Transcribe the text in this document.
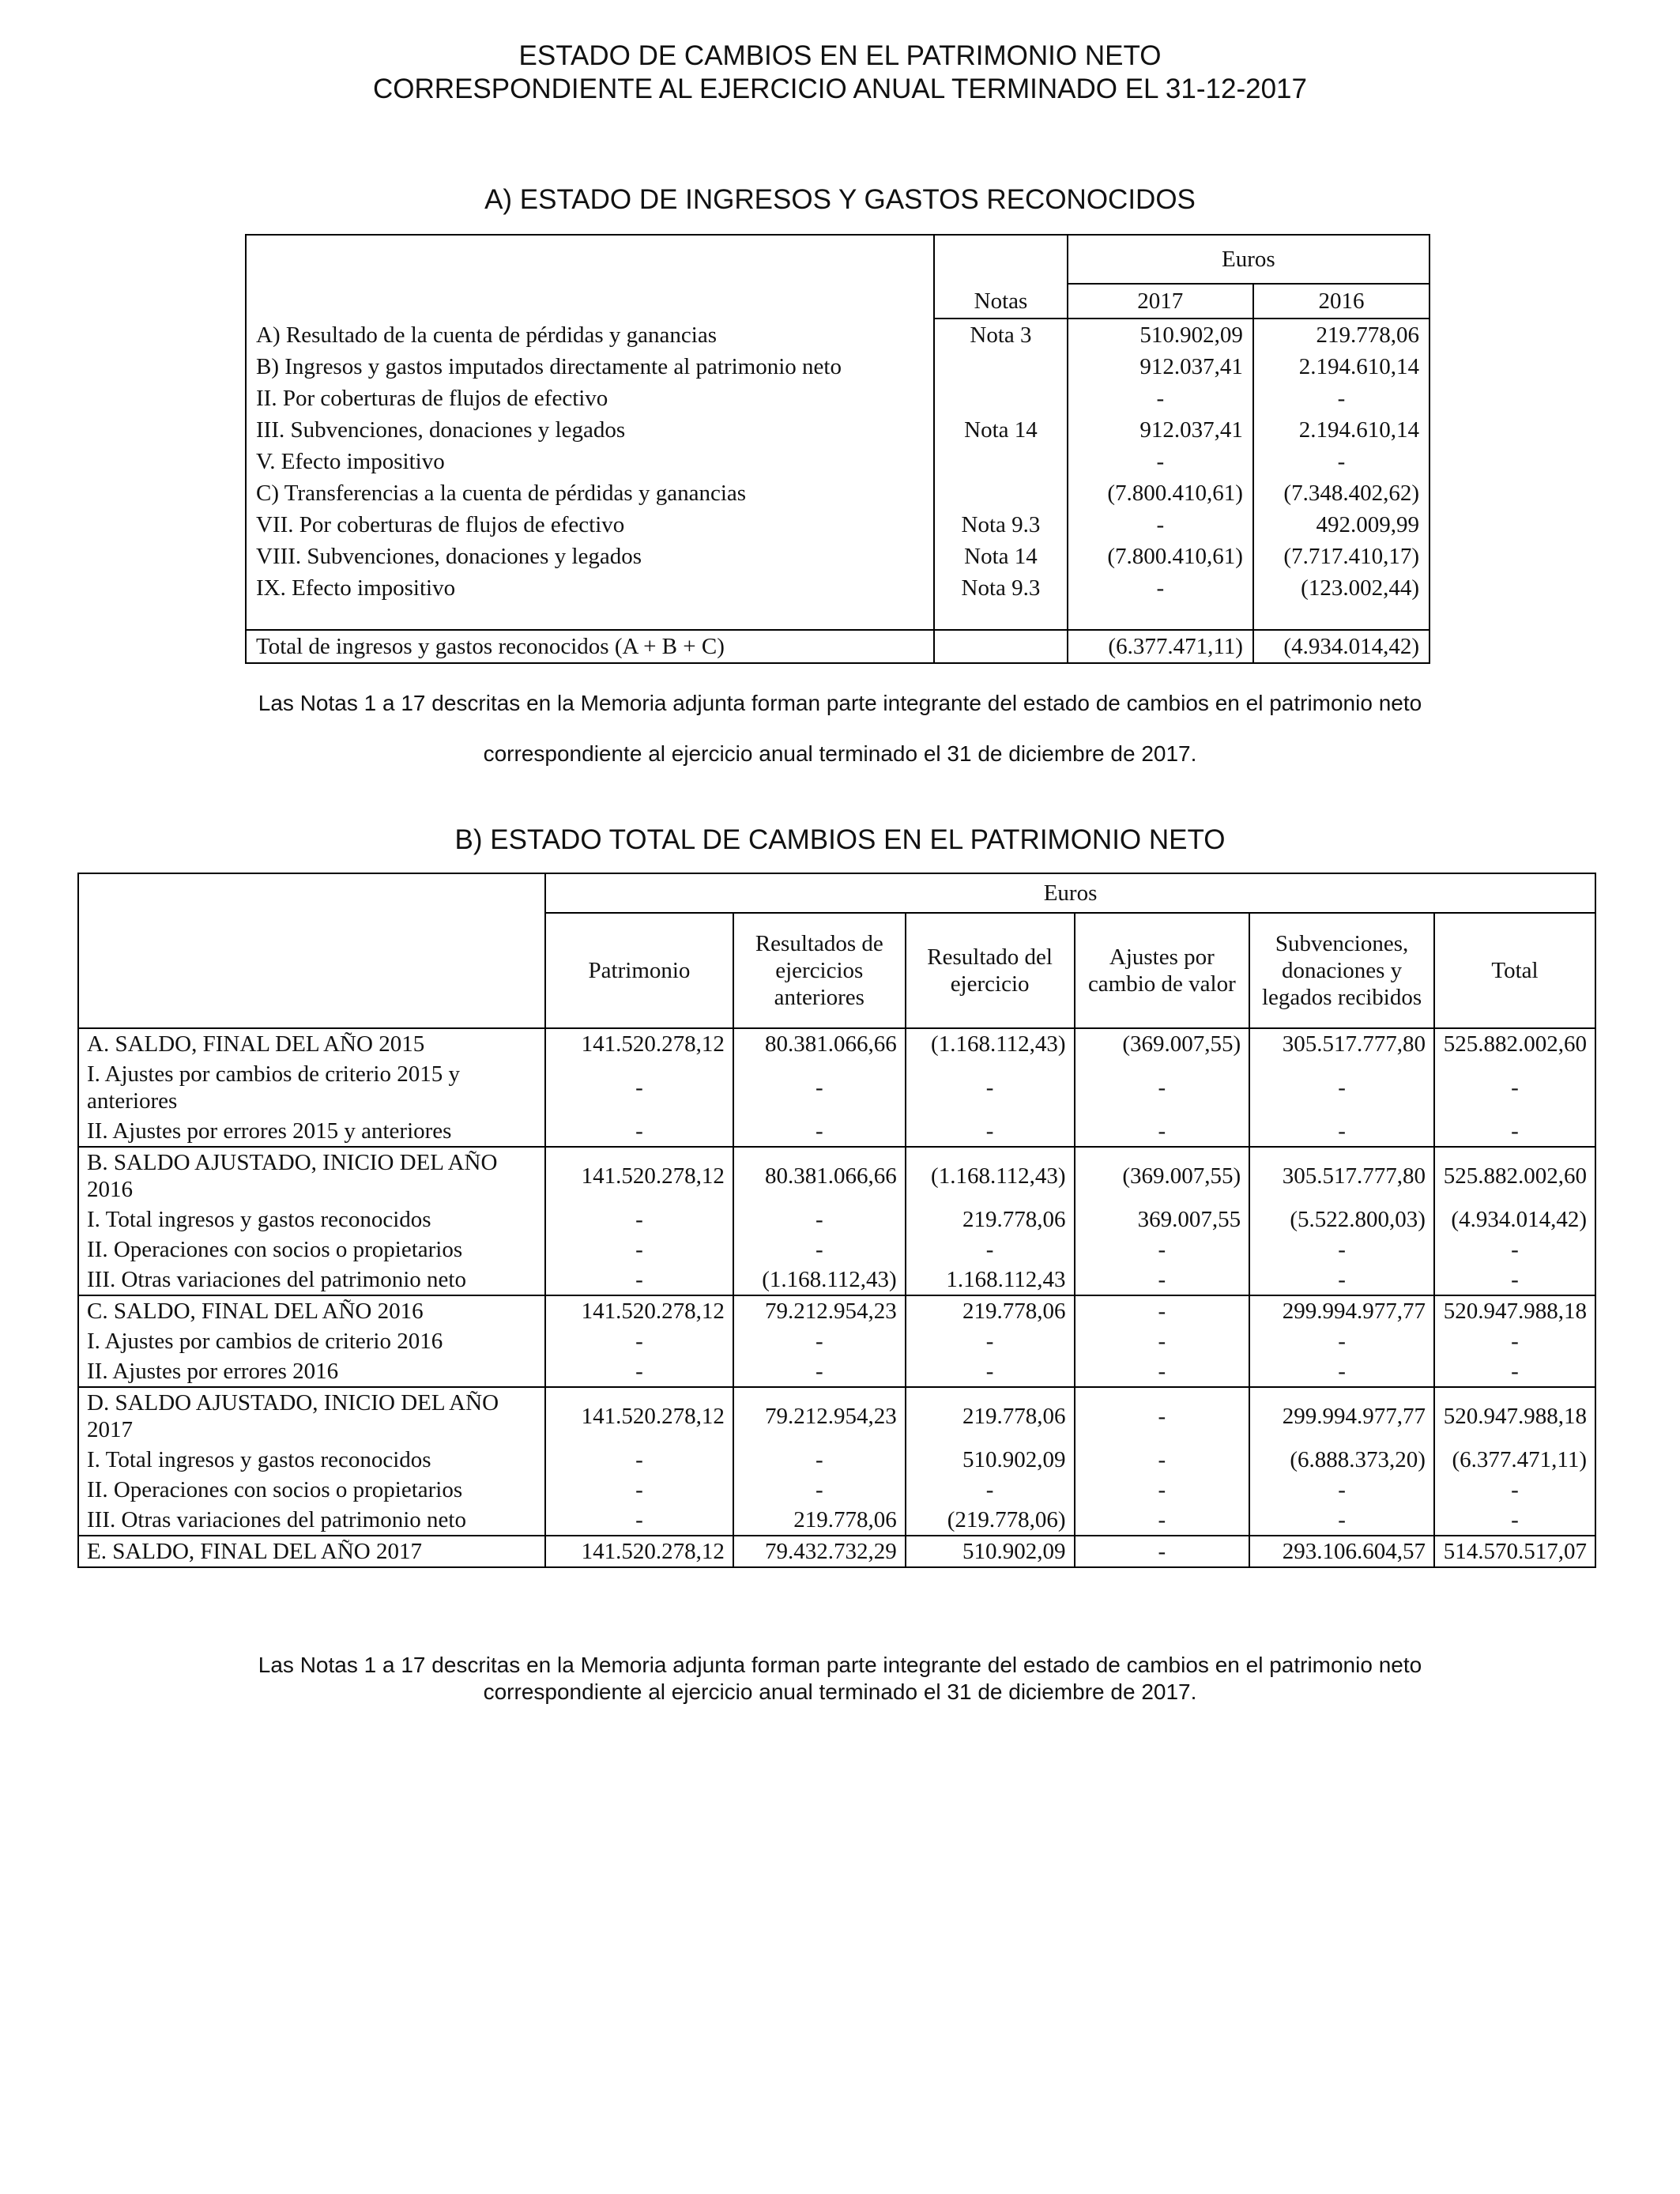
ESTADO DE CAMBIOS EN EL PATRIMONIO NETO
CORRESPONDIENTE AL EJERCICIO ANUAL TERMINADO EL 31-12-2017
A) ESTADO DE INGRESOS Y GASTOS RECONOCIDOS
		Euros	
	Notas	2017	2016
A) Resultado de la cuenta de pérdidas y ganancias	Nota 3	510.902,09	219.778,06
B) Ingresos y gastos imputados directamente al patrimonio neto		912.037,41	2.194.610,14
II. Por coberturas de flujos de efectivo		-	-
III. Subvenciones, donaciones y legados	Nota 14	912.037,41	2.194.610,14
V. Efecto impositivo		-	-
C) Transferencias a la cuenta de pérdidas y ganancias		(7.800.410,61)	(7.348.402,62)
VII. Por coberturas de flujos de efectivo	Nota 9.3	-	492.009,99
VIII. Subvenciones, donaciones y legados	Nota 14	(7.800.410,61)	(7.717.410,17)
IX. Efecto impositivo	Nota 9.3	-	(123.002,44)

Total de ingresos y gastos reconocidos (A + B + C)		(6.377.471,11)	(4.934.014,42)
Las Notas 1 a 17 descritas en la Memoria adjunta forman parte integrante del estado de cambios en el patrimonio neto
correspondiente al ejercicio anual terminado el 31 de diciembre de 2017.
B) ESTADO TOTAL DE CAMBIOS EN EL PATRIMONIO NETO
	Euros					
	Patrimonio	Resultados de ejercicios anteriores	Resultado del ejercicio	Ajustes por cambio de valor	Subvenciones, donaciones y legados recibidos	Total
A. SALDO, FINAL DEL AÑO 2015	141.520.278,12	80.381.066,66	(1.168.112,43)	(369.007,55)	305.517.777,80	525.882.002,60
I. Ajustes por cambios de criterio 2015 y anteriores	-	-	-	-	-	-
II. Ajustes por errores 2015 y anteriores	-	-	-	-	-	-
B. SALDO AJUSTADO, INICIO DEL AÑO 2016	141.520.278,12	80.381.066,66	(1.168.112,43)	(369.007,55)	305.517.777,80	525.882.002,60
I. Total ingresos y gastos reconocidos	-	-	219.778,06	369.007,55	(5.522.800,03)	(4.934.014,42)
II. Operaciones con socios o propietarios	-	-	-	-	-	-
III. Otras variaciones del patrimonio neto	-	(1.168.112,43)	1.168.112,43	-	-	-
C. SALDO, FINAL DEL AÑO 2016	141.520.278,12	79.212.954,23	219.778,06	-	299.994.977,77	520.947.988,18
I. Ajustes por cambios de criterio 2016	-	-	-	-	-	-
II. Ajustes por errores 2016	-	-	-	-	-	-
D. SALDO AJUSTADO, INICIO DEL AÑO 2017	141.520.278,12	79.212.954,23	219.778,06	-	299.994.977,77	520.947.988,18
I. Total ingresos y gastos reconocidos	-	-	510.902,09	-	(6.888.373,20)	(6.377.471,11)
II. Operaciones con socios o propietarios	-	-	-	-	-	-
III. Otras variaciones del patrimonio neto	-	219.778,06	(219.778,06)	-	-	-
E. SALDO, FINAL DEL AÑO 2017	141.520.278,12	79.432.732,29	510.902,09	-	293.106.604,57	514.570.517,07
Las Notas 1 a 17 descritas en la Memoria adjunta forman parte integrante del estado de cambios en el patrimonio neto
correspondiente al ejercicio anual terminado el 31 de diciembre de 2017.
